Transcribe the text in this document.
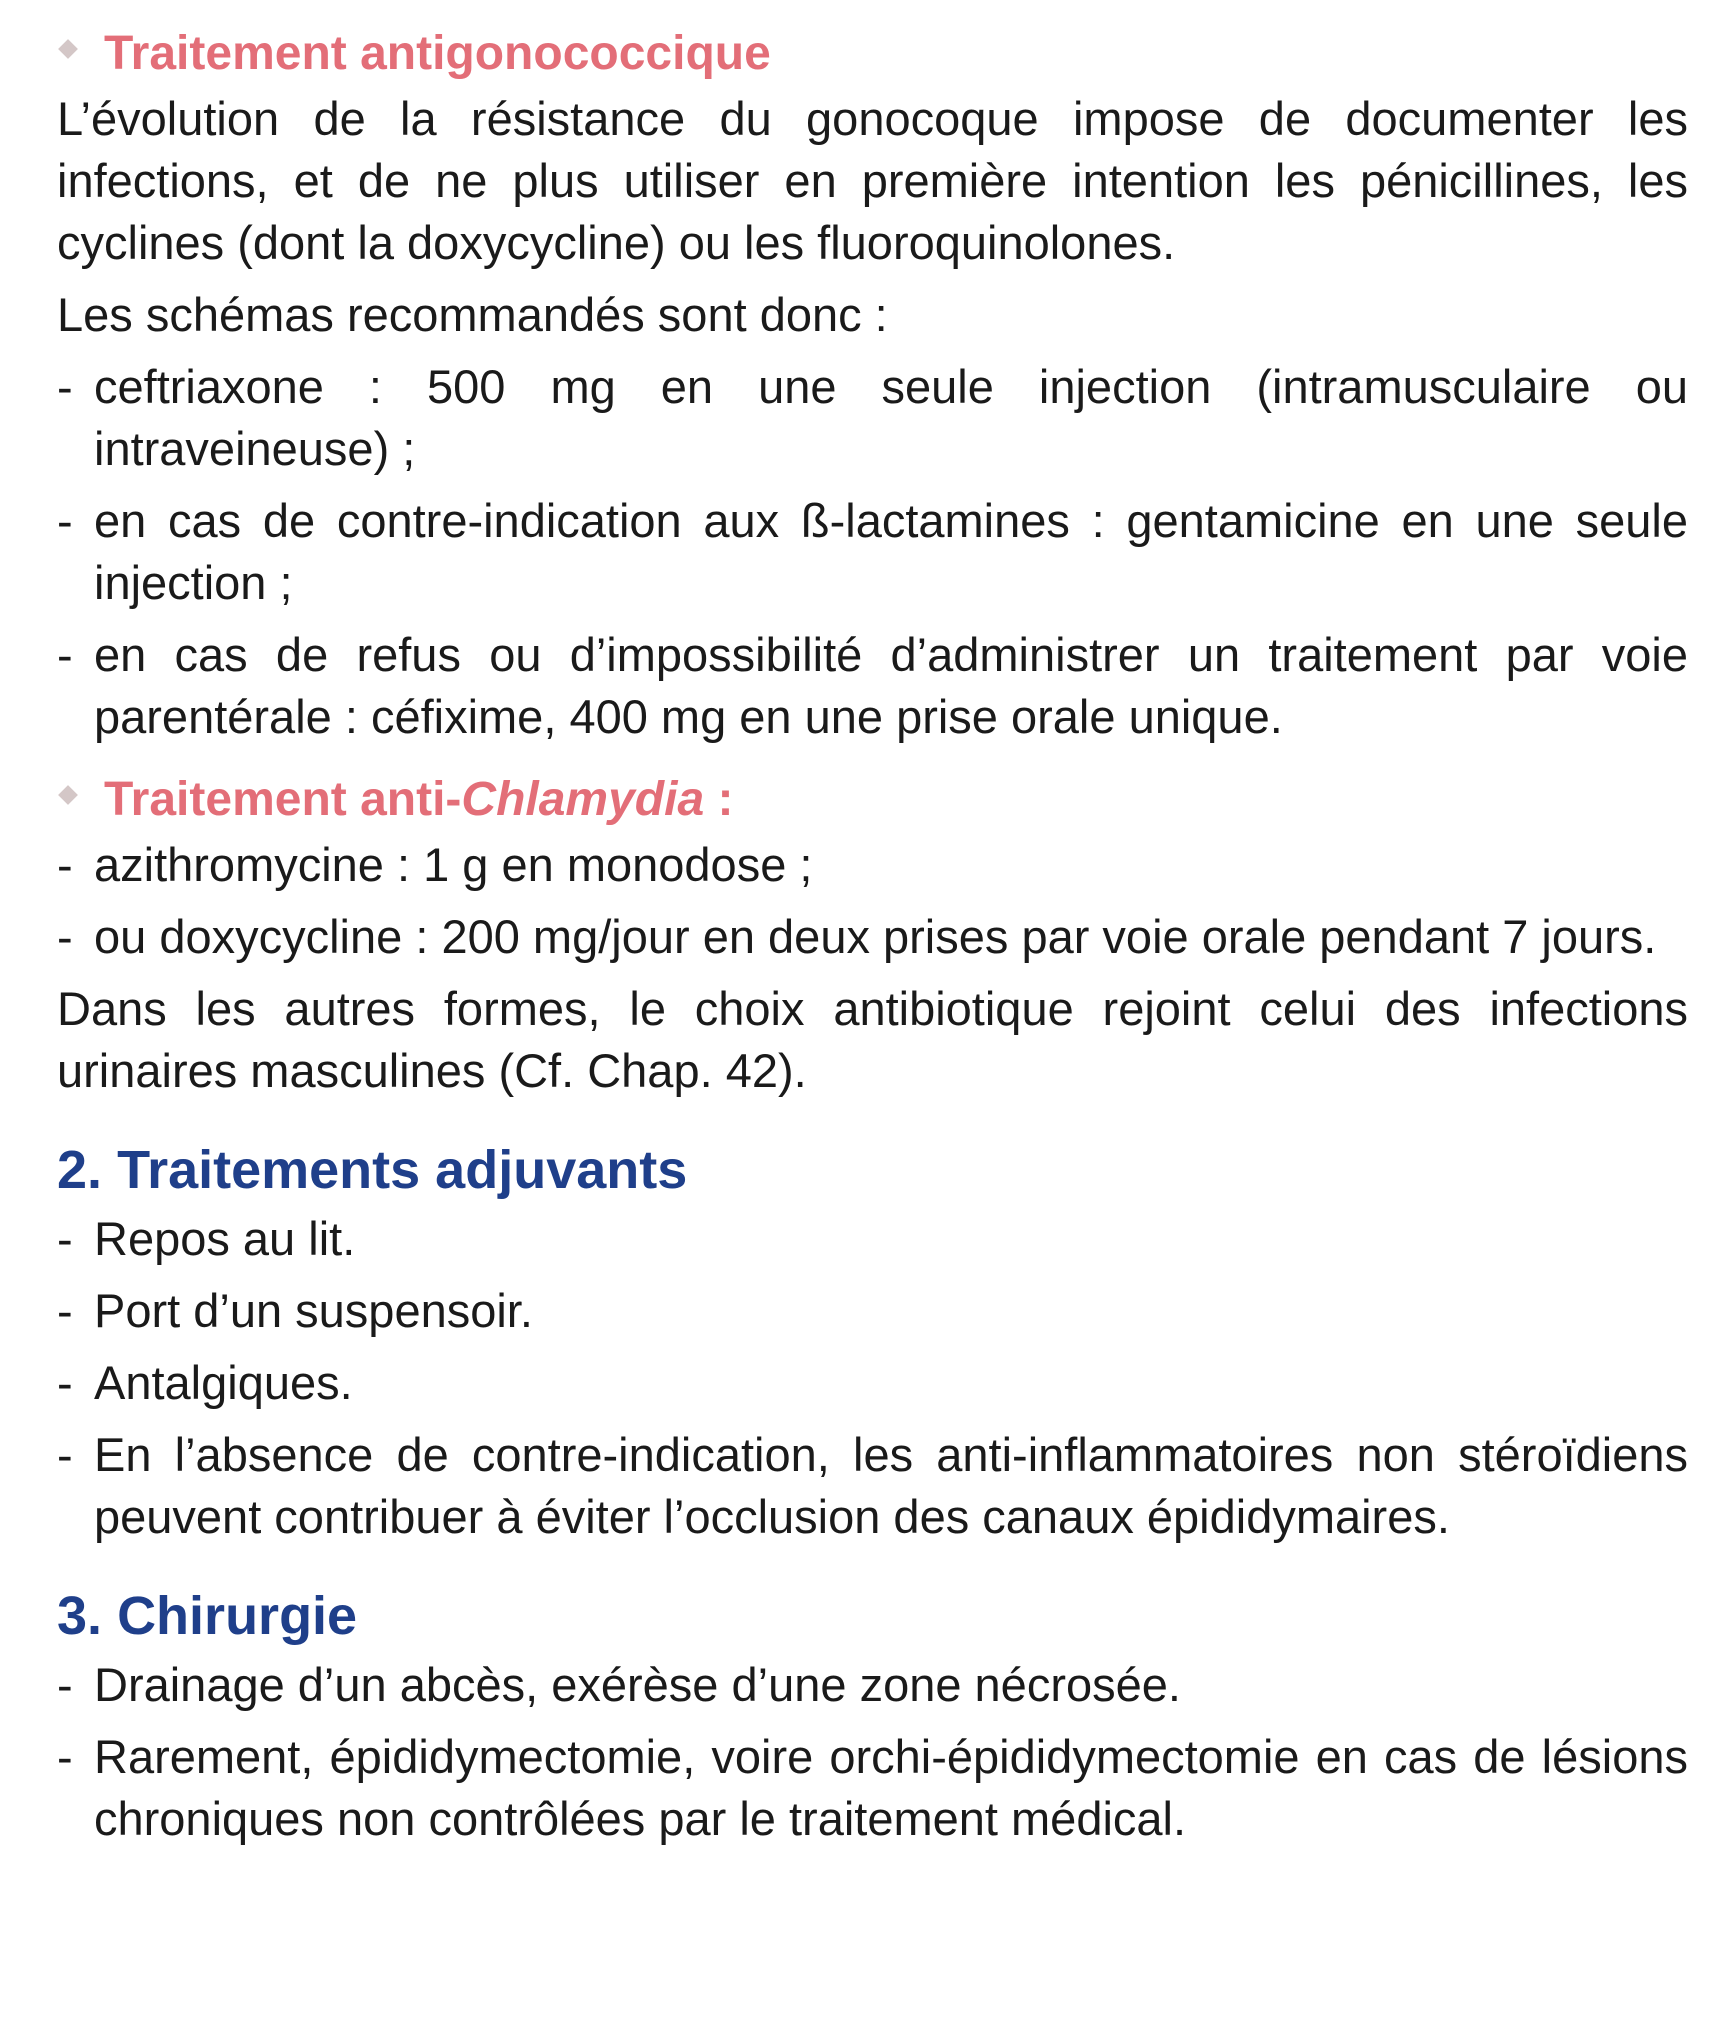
Traitement antigonococcique

L’évolution de la résistance du gonocoque impose de documenter les infections, et de ne plus utiliser en première intention les pénicillines, les cyclines (dont la doxycycline) ou les fluoroquinolones.

Les schémas recommandés sont donc :

- ceftriaxone : 500 mg en une seule injection (intramusculaire ou intraveineuse) ;
- en cas de contre-indication aux ß-lactamines : gentamicine en une seule injection ;
- en cas de refus ou d’impossibilité d’administrer un traitement par voie parentérale : céfixime, 400 mg en une prise orale unique.
Traitement anti-Chlamydia :
- azithromycine : 1 g en monodose ;
- ou doxycycline : 200 mg/jour en deux prises par voie orale pendant 7 jours.

Dans les autres formes, le choix antibiotique rejoint celui des infections urinaires masculines (Cf. Chap. 42).

2. Traitements adjuvants
- Repos au lit.
- Port d’un suspensoir.
- Antalgiques.
- En l’absence de contre-indication, les anti-inflammatoires non stéroïdiens peuvent contribuer à éviter l’occlusion des canaux épididymaires.
3. Chirurgie
- Drainage d’un abcès, exérèse d’une zone nécrosée.
- Rarement, épididymectomie, voire orchi-épididymectomie en cas de lésions chroniques non contrôlées par le traitement médical.
